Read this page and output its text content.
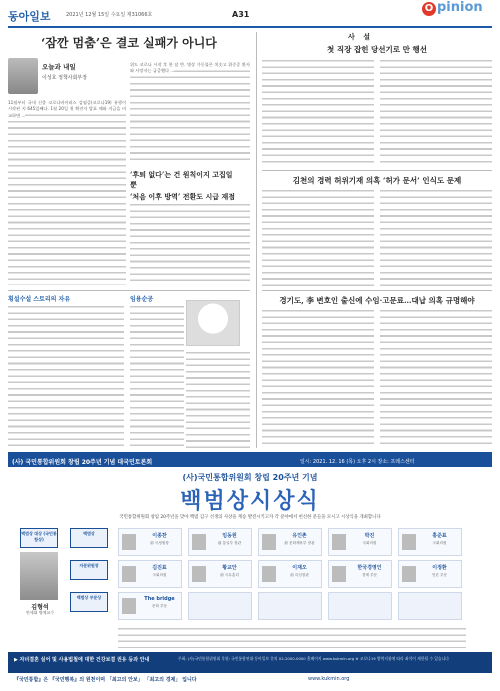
동아일보	2021년 12월 15일 수요일 제31066호	A31
O pinion
‘잠깐 멈춤’은 결코 실패가 아니다
오늘과 내일
이성호 정책사회부장
11월부터 국내 신종 코로나바이러스 감염증(코로나19) 유행이 시작된 지 645일째다. 1월 20일 첫 확진자 발표 때와 지금을 비교하면 ...
위드 코로나 시작 후 한 달 반. 병상 가동률은 치솟고 위중증 환자와 사망자는 급증했다 ...
‘후퇴 없다’는 건 원칙이지 고집일 뿐
‘처음 이후 방역’ 전환도 시급 재점
횡설수설 스토리의 자유	임용순공
사 설
첫 직장 잡힌 당선기로 만 행선
김천의 경력 허위기재 의혹 ‘허가 문서’ 인식도 문제
경기도, 李 변호인 출신에 수임·고문료…대납 의혹 규명해야
(사) 국민통합위원회 창립 20주년 기념 대국민토론회	일시: 2021. 12. 16 (목) 오후 2시 장소: 프레스센터
(사)국민통합위원회 창립 20주년 기념
백범상시상식
국민통합위원회 창립 20주년을 맞아 백범 김구 선생의 사상을 계승 발전시키고자 각 분야에서 헌신한 분들을 모시고 시상식을 개최합니다
백범상 대상 (국민통합상)
김형석
연세대 명예교수
백범상
자문위원장
백범상 부문상
이종찬
前 국정원장
임동원
前 통일부 장관
유인촌
前 문화체육부 장관
박진
국회의원
홍준표
국회의원
김진표
국회의원
황교안
前 국무총리
이재오
前 특임장관
한국경영인
경제 부문
이정환
언론 부문
The bridge
문화 부문
▶ 자녀결혼 실어 및 사용법철에 대한 건강보결 권유 등과 안내	주최: (사)국민통합위원회 후원: 국민통합연대·동아일보 문의 02-2000-0000 홈페이지 www.kukmin.org ※ 코로나19 방역지침에 따라 좌석이 제한될 수 있습니다
『국민통합』은 『국민행복』의 원천이며 「최고의 안보」 「최고의 경제」 입니다	www.kukmin.org
